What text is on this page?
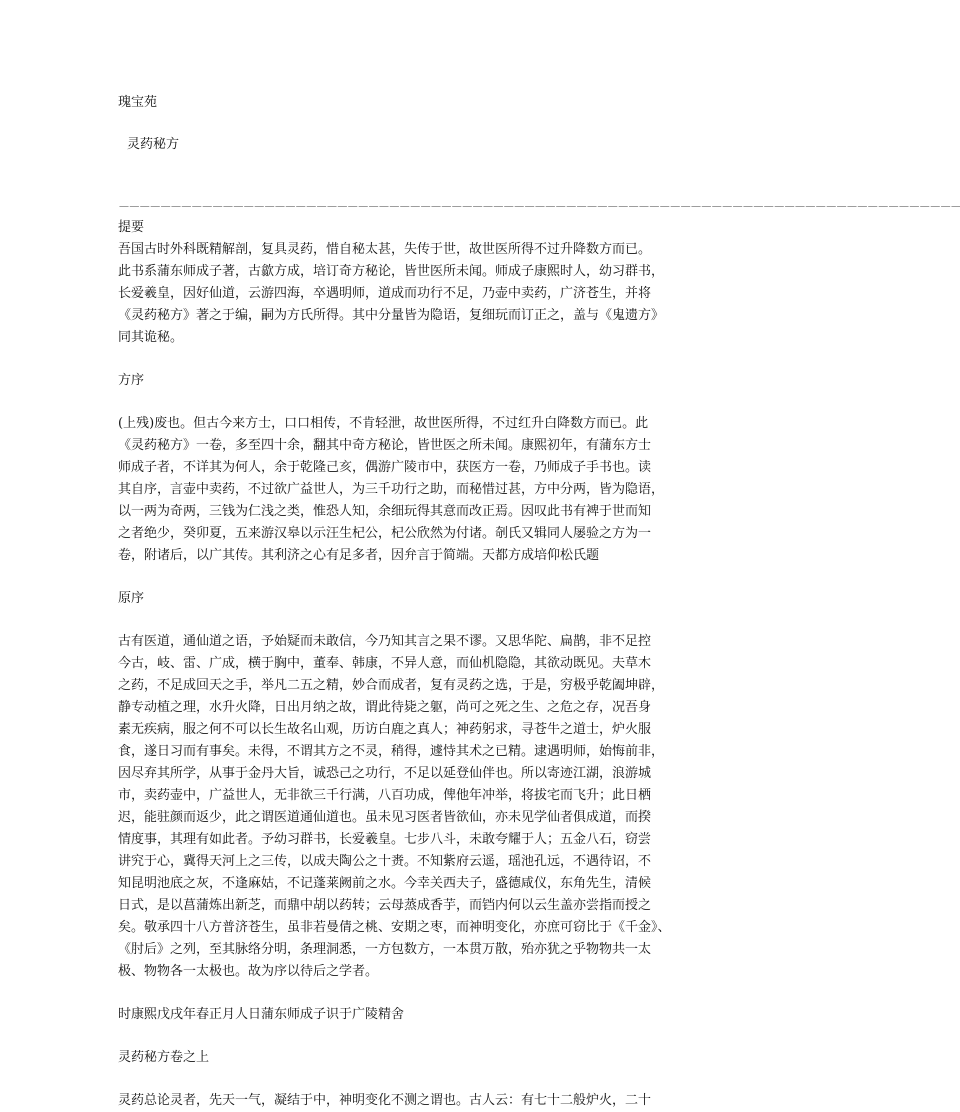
瑰宝苑

灵药秘方

－－－－－－－－－－－－－－－－－－－－－－－－－－－－－－－－－－－－－－－－－－－－－－－－－－－－－－－－－－－－－－－－－－－－－－－－－－－－－－－－－

提要

吾国古时外科既精解剖，复具灵药，惜自秘太甚，失传于世，故世医所得不过升降数方而已。

此书系蒲东师成子著，古歙方成，培订奇方秘论，皆世医所未闻。师成子康熙时人，幼习群书，

长爱羲皇，因好仙道，云游四海，卒遇明师，道成而功行不足，乃壶中卖药，广济苍生，并将

《灵药秘方》著之于编，嗣为方氏所得。其中分量皆为隐语，复细玩而订正之，盖与《鬼遗方》

同其诡秘。

方序

(上残)废也。但古今来方士，口口相传，不肯轻泄，故世医所得，不过红升白降数方而已。此

《灵药秘方》一卷，多至四十余，翻其中奇方秘论，皆世医之所未闻。康熙初年，有蒲东方士

师成子者，不详其为何人，余于乾隆己亥，偶游广陵市中，获医方一卷，乃师成子手书也。读

其自序，言壶中卖药，不过欲广益世人，为三千功行之助，而秘惜过甚，方中分两，皆为隐语，

以一两为奇两，三钱为仁浅之类，惟恐人知，余细玩得其意而改正焉。因叹此书有裨于世而知

之者绝少，癸卯夏，五来游汉皋以示汪生杞公，杞公欣然为付诸。剞氏又辑同人屡验之方为一

卷，附诸后，以广其传。其利济之心有足多者，因弁言于简端。天都方成培仰松氏题

原序

古有医道，通仙道之语，予始疑而未敢信，今乃知其言之果不谬。又思华陀、扁鹊，非不足控

今古，岐、雷、广成，横于胸中，董奉、韩康，不异人意，而仙机隐隐，其欲动既见。夫草木

之药，不足成回天之手，举凡二五之精，妙合而成者，复有灵药之选，于是，穷极乎乾阖坤辟，

静专动植之理，水升火降，日出月纳之故，谓此待毙之躯，尚可之死之生、之危之存，况吾身

素无疾病，服之何不可以长生故名山观，历访白鹿之真人；神药躬求，寻苍牛之道士，炉火服

食，遂日习而有事矣。未得，不谓其方之不灵，稍得，遽恃其术之已精。逮遇明师，始悔前非，

因尽弃其所学，从事于金丹大旨，诚恐己之功行，不足以延登仙伴也。所以寄迹江湖，浪游城

市，卖药壶中，广益世人，无非欲三千行满，八百功成，俾他年冲举，将拔宅而飞升；此日栖

迟，能驻颜而返少，此之谓医道通仙道也。虽未见习医者皆欲仙，亦未见学仙者俱成道，而揆

情度事，其理有如此者。予幼习群书，长爱羲皇。七步八斗，未敢夸耀于人；五金八石，窃尝

讲究于心，冀得天河上之三传，以成夫陶公之十赉。不知紫府云遥，瑶池孔远，不遇待诏，不

知昆明池底之灰，不逢麻姑，不记蓬莱阙前之水。今幸关西夫子，盛德咸仪，东角先生，清候

日式，是以菖蒲炼出新芝，而鼎中胡以药转；云母蒸成香芋，而铛内何以云生盖亦尝指而授之

矣。敬承四十八方普济苍生，虽非若曼倩之桃、安期之枣，而神明变化，亦庶可窃比于《千金》、

《肘后》之列，至其脉络分明，条理洞悉，一方包数方，一本贯万散，殆亦犹之乎物物共一太

极、物物各一太极也。故为序以待后之学者。

时康熙戊戌年春正月人日蒲东师成子识于广陵精舍

灵药秘方卷之上

灵药总论灵者，先天一气，凝结于中，神明变化不测之谓也。古人云：有七十二般炉火，二十
